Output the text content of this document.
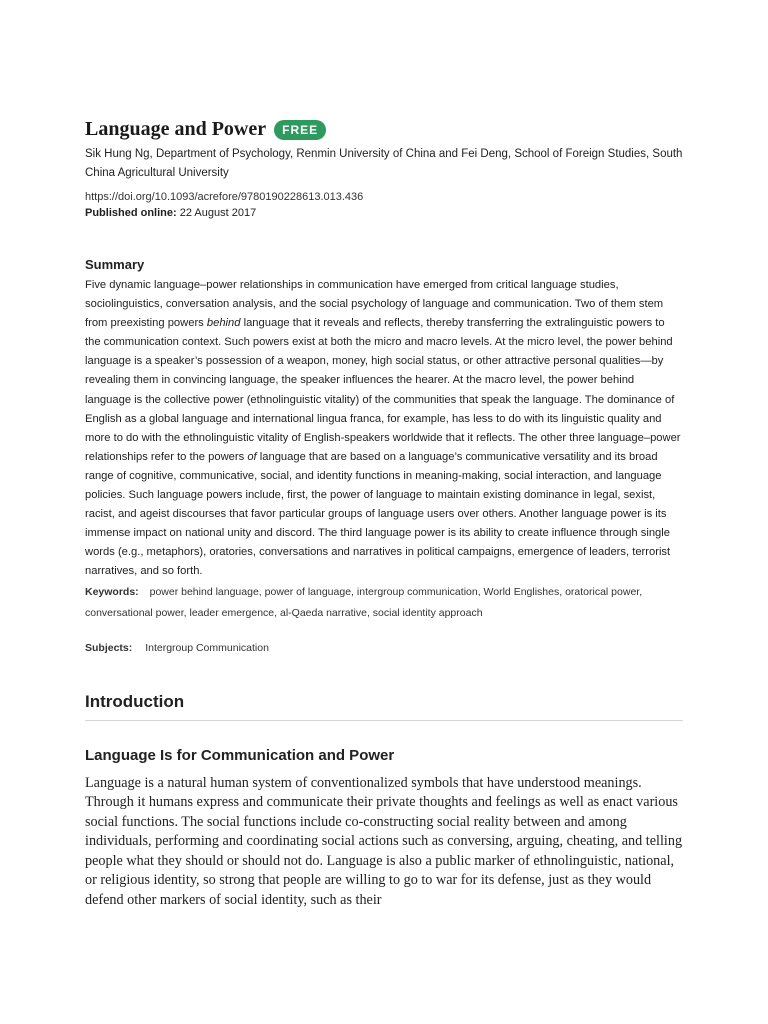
Language and Power	FREE
Sik Hung Ng, Department of Psychology, Renmin University of China and Fei Deng, School of Foreign Studies, South China Agricultural University
https://doi.org/10.1093/acrefore/9780190228613.013.436
Published online: 22 August 2017
Summary
Five dynamic language–power relationships in communication have emerged from critical language studies, sociolinguistics, conversation analysis, and the social psychology of language and communication. Two of them stem from preexisting powers behind language that it reveals and reflects, thereby transferring the extralinguistic powers to the communication context. Such powers exist at both the micro and macro levels. At the micro level, the power behind language is a speaker’s possession of a weapon, money, high social status, or other attractive personal qualities—by revealing them in convincing language, the speaker influences the hearer. At the macro level, the power behind language is the collective power (ethnolinguistic vitality) of the communities that speak the language. The dominance of English as a global language and international lingua franca, for example, has less to do with its linguistic quality and more to do with the ethnolinguistic vitality of English-speakers worldwide that it reflects. The other three language–power relationships refer to the powers of language that are based on a language’s communicative versatility and its broad range of cognitive, communicative, social, and identity functions in meaning-making, social interaction, and language policies. Such language powers include, first, the power of language to maintain existing dominance in legal, sexist, racist, and ageist discourses that favor particular groups of language users over others. Another language power is its immense impact on national unity and discord. The third language power is its ability to create influence through single words (e.g., metaphors), oratories, conversations and narratives in political campaigns, emergence of leaders, terrorist narratives, and so forth.
Keywords: power behind language, power of language, intergroup communication, World Englishes, oratorical power, conversational power, leader emergence, al-Qaeda narrative, social identity approach
Subjects: Intergroup Communication
Introduction
Language Is for Communication and Power
Language is a natural human system of conventionalized symbols that have understood meanings. Through it humans express and communicate their private thoughts and feelings as well as enact various social functions. The social functions include co-constructing social reality between and among individuals, performing and coordinating social actions such as conversing, arguing, cheating, and telling people what they should or should not do. Language is also a public marker of ethnolinguistic, national, or religious identity, so strong that people are willing to go to war for its defense, just as they would defend other markers of social identity, such as their
